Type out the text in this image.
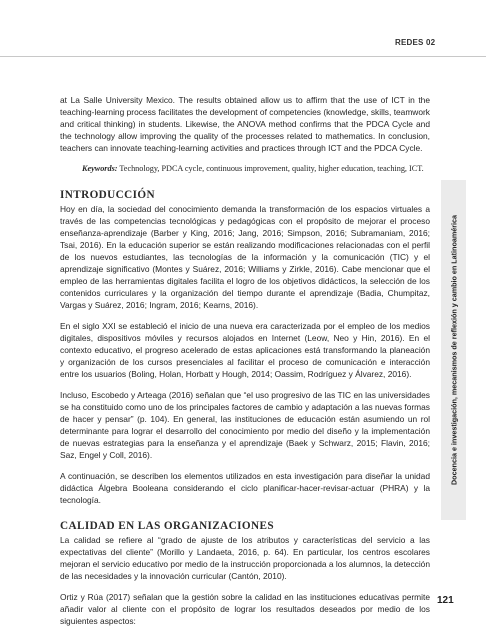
REDES 02

at La Salle University Mexico. The results obtained allow us to affirm that the use of ICT in the teaching-learning process facilitates the development of competencies (knowledge, skills, teamwork and critical thinking) in students. Likewise, the ANOVA method confirms that the PDCA Cycle and the technology allow improving the quality of the processes related to mathematics. In conclusion, teachers can innovate teaching-learning activities and practices through ICT and the PDCA Cycle.

Keywords: Technology, PDCA cycle, continuous improvement, quality, higher education, teaching, ICT.

INTRODUCCIÓN

Hoy en día, la sociedad del conocimiento demanda la transformación de los espacios virtuales a través de las competencias tecnológicas y pedagógicas con el propósito de mejorar el proceso enseñanza-aprendizaje (Barber y King, 2016; Jang, 2016; Simpson, 2016; Subramaniam, 2016; Tsai, 2016). En la educación superior se están realizando modificaciones relacionadas con el perfil de los nuevos estudiantes, las tecnologías de la información y la comunicación (TIC) y el aprendizaje significativo (Montes y Suárez, 2016; Williams y Zirkle, 2016). Cabe mencionar que el empleo de las herramientas digitales facilita el logro de los objetivos didácticos, la selección de los contenidos curriculares y la organización del tiempo durante el aprendizaje (Badia, Chumpitaz, Vargas y Suárez, 2016; Ingram, 2016; Kearns, 2016).

En el siglo XXI se estableció el inicio de una nueva era caracterizada por el empleo de los medios digitales, dispositivos móviles y recursos alojados en Internet (Leow, Neo y Hin, 2016). En el contexto educativo, el progreso acelerado de estas aplicaciones está transformando la planeación y organización de los cursos presenciales al facilitar el proceso de comunicación e interacción entre los usuarios (Boling, Holan, Horbatt y Hough, 2014; Oassim, Rodríguez y Álvarez, 2016).

Incluso, Escobedo y Arteaga (2016) señalan que “el uso progresivo de las TIC en las universidades se ha constituido como uno de los principales factores de cambio y adaptación a las nuevas formas de hacer y pensar” (p. 104). En general, las instituciones de educación están asumiendo un rol determinante para lograr el desarrollo del conocimiento por medio del diseño y la implementación de nuevas estrategias para la enseñanza y el aprendizaje (Baek y Schwarz, 2015; Flavin, 2016; Saz, Engel y Coll, 2016).

A continuación, se describen los elementos utilizados en esta investigación para diseñar la unidad didáctica Álgebra Booleana considerando el ciclo planificar-hacer-revisar-actuar (PHRA) y la tecnología.

CALIDAD EN LAS ORGANIZACIONES

La calidad se refiere al “grado de ajuste de los atributos y características del servicio a las expectativas del cliente” (Morillo y Landaeta, 2016, p. 64). En particular, los centros escolares mejoran el servicio educativo por medio de la instrucción proporcionada a los alumnos, la detección de las necesidades y la innovación curricular (Cantón, 2010).

Ortiz y Rúa (2017) señalan que la gestión sobre la calidad en las instituciones educativas permite añadir valor al cliente con el propósito de lograr los resultados deseados por medio de los siguientes aspectos:

Docencia e investigación, mecanismos de reflexión y cambio en Latinoamérica
121
